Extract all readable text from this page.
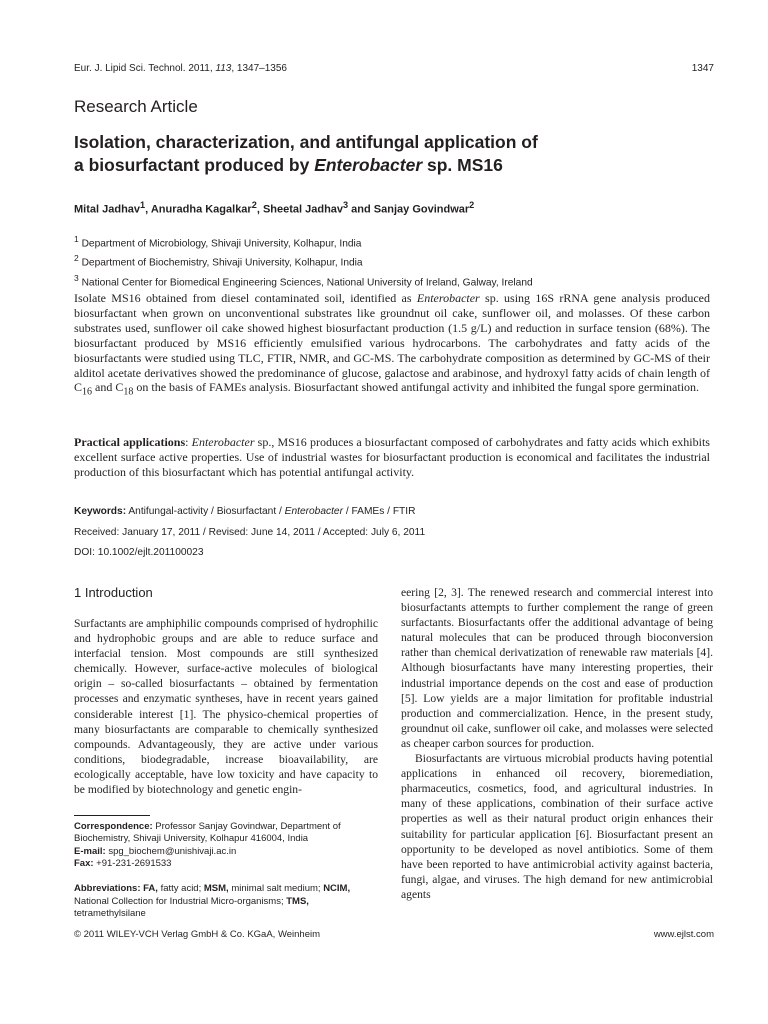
Eur. J. Lipid Sci. Technol. 2011, 113, 1347–1356	1347
Research Article
Isolation, characterization, and antifungal application of
a biosurfactant produced by Enterobacter sp. MS16
Mital Jadhav$^1$, Anuradha Kagalkar$^2$, Sheetal Jadhav$^3$ and Sanjay Govindwar$^2$
$^1$ Department of Microbiology, Shivaji University, Kolhapur, India
$^2$ Department of Biochemistry, Shivaji University, Kolhapur, India
$^3$ National Center for Biomedical Engineering Sciences, National University of Ireland, Galway, Ireland
Isolate MS16 obtained from diesel contaminated soil, identified as Enterobacter sp. using 16S rRNA gene analysis produced biosurfactant when grown on unconventional substrates like groundnut oil cake, sunflower oil, and molasses. Of these carbon substrates used, sunflower oil cake showed highest biosurfactant production (1.5 g/L) and reduction in surface tension (68%). The biosurfactant produced by MS16 efficiently emulsified various hydrocarbons. The carbohydrates and fatty acids of the biosurfactants were studied using TLC, FTIR, NMR, and GC-MS. The carbohydrate composition as determined by GC-MS of their alditol acetate derivatives showed the predominance of glucose, galactose and arabinose, and hydroxyl fatty acids of chain length of $C_{16}$ and $C_{18}$ on the basis of FAMEs analysis. Biosurfactant showed antifungal activity and inhibited the fungal spore germination.
Practical applications: Enterobacter sp., MS16 produces a biosurfactant composed of carbohydrates and fatty acids which exhibits excellent surface active properties. Use of industrial wastes for biosurfactant production is economical and facilitates the industrial production of this biosurfactant which has potential antifungal activity.
Keywords: Antifungal-activity / Biosurfactant / Enterobacter / FAMEs / FTIR
Received: January 17, 2011 / Revised: June 14, 2011 / Accepted: July 6, 2011
DOI: 10.1002/ejlt.201100023
1 Introduction
Surfactants are amphiphilic compounds comprised of hydrophilic and hydrophobic groups and are able to reduce surface and interfacial tension. Most compounds are still synthesized chemically. However, surface-active molecules of biological origin – so-called biosurfactants – obtained by fermentation processes and enzymatic syntheses, have in recent years gained considerable interest [1]. The physico-chemical properties of many biosurfactants are comparable to chemically synthesized compounds. Advantageously, they are active under various conditions, biodegradable, increase bioavailability, are ecologically acceptable, have low toxicity and have capacity to be modified by biotechnology and genetic engin-

eering [2, 3]. The renewed research and commercial interest into biosurfactants attempts to further complement the range of green surfactants. Biosurfactants offer the additional advantage of being natural molecules that can be produced through bioconversion rather than chemical derivatization of renewable raw materials [4]. Although biosurfactants have many interesting properties, their industrial importance depends on the cost and ease of production [5]. Low yields are a major limitation for profitable industrial production and commercialization. Hence, in the present study, groundnut oil cake, sunflower oil cake, and molasses were selected as cheaper carbon sources for production.

Biosurfactants are virtuous microbial products having potential applications in enhanced oil recovery, bioremediation, pharmaceutics, cosmetics, food, and agricultural industries. In many of these applications, combination of their surface active properties as well as their natural product origin enhances their suitability for particular application [6]. Biosurfactant present an opportunity to be developed as novel antibiotics. Some of them have been reported to have antimicrobial activity against bacteria, fungi, algae, and viruses. The high demand for new antimicrobial agents

Correspondence: Professor Sanjay Govindwar, Department of Biochemistry, Shivaji University, Kolhapur 416004, India
E-mail: spg_biochem@unishivaji.ac.in
Fax: +91-231-2691533
Abbreviations: FA, fatty acid; MSM, minimal salt medium; NCIM, National Collection for Industrial Micro-organisms; TMS, tetramethylsilane
© 2011 WILEY-VCH Verlag GmbH & Co. KGaA, Weinheim	www.ejlst.com
